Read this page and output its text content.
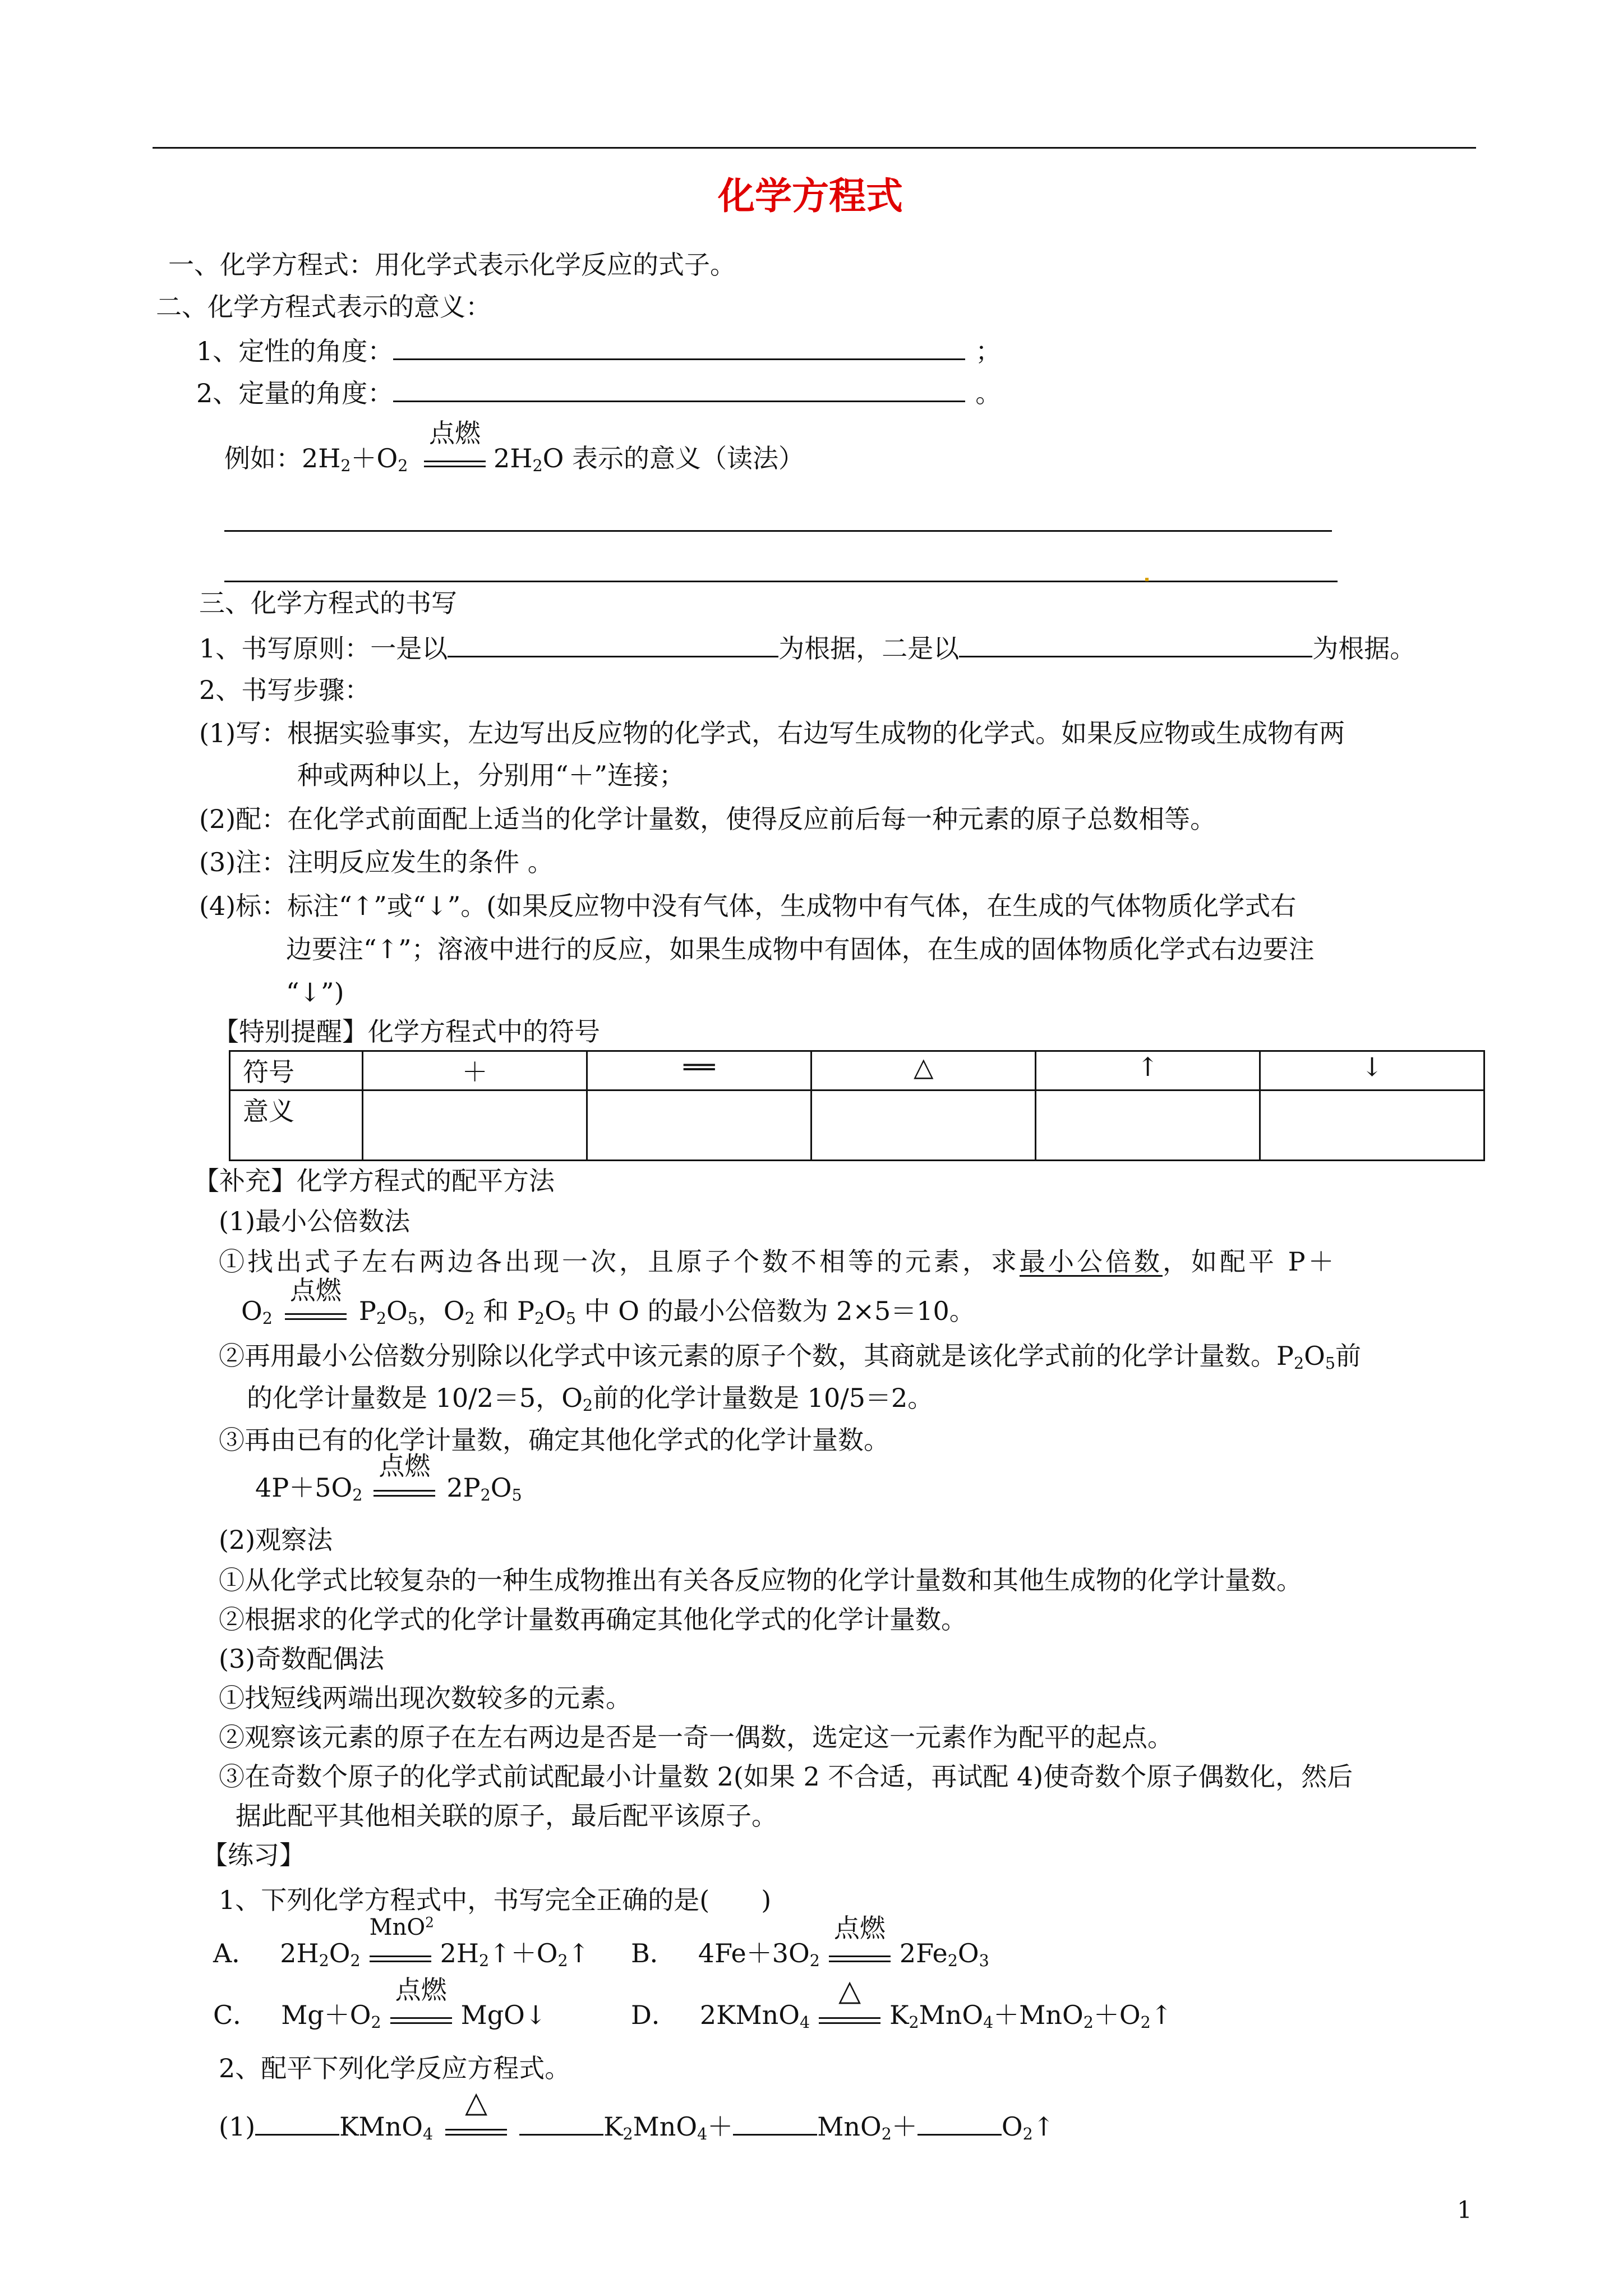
化学方程式
一、化学方程式：用化学式表示化学反应的式子。
二、化学方程式表示的意义：
1、定性的角度：	；
2、定量的角度：	。
例如：$2H_2+O_2$
点燃
$2H_2O$ 表示的意义（读法）
三、化学方程式的书写
1、书写原则：一是以	为根据，二是以	为根据。
2、书写步骤：
(1)写：根据实验事实，左边写出反应物的化学式，右边写生成物的化学式。如果反应物或生成物有两
种或两种以上，分别用“＋”连接；
(2)配：在化学式前面配上适当的化学计量数，使得反应前后每一种元素的原子总数相等。
(3)注：注明反应发生的条件 。
(4)标：标注“↑”或“↓”。(如果反应物中没有气体，生成物中有气体，在生成的气体物质化学式右
边要注“↑”；溶液中进行的反应，如果生成物中有固体，在生成的固体物质化学式右边要注
“↓”)
【特别提醒】化学方程式中的符号
符号	＋	══	△	↑	↓
意义					
【补充】化学方程式的配平方法
(1)最小公倍数法
①找出式子左右两边各出现一次，且原子个数不相等的元素，求最小公倍数，如配平 P＋
$O_2$
点燃
$P_2O_5$，$O_2$ 和 $P_2O_5$ 中 O 的最小公倍数为 2×5＝10。
②再用最小公倍数分别除以化学式中该元素的原子个数，其商就是该化学式前的化学计量数。$P_2O_5$前
的化学计量数是 10/2＝5，$O_2$前的化学计量数是 10/5＝2。
③再由已有的化学计量数，确定其他化学式的化学计量数。
$4P+5O_2$
点燃
$2P_2O_5$
(2)观察法
①从化学式比较复杂的一种生成物推出有关各反应物的化学计量数和其他生成物的化学计量数。
②根据求的化学式的化学计量数再确定其他化学式的化学计量数。
(3)奇数配偶法
①找短线两端出现次数较多的元素。
②观察该元素的原子在左右两边是否是一奇一偶数，选定这一元素作为配平的起点。
③在奇数个原子的化学式前试配最小计量数 2(如果 2 不合适，再试配 4)使奇数个原子偶数化，然后
据此配平其他相关联的原子，最后配平该原子。
【练习】
1、下列化学方程式中，书写完全正确的是(　　)
A． $2H_2O_2$
MnO$^2$
$2H_2↑+O_2↑$ B． $4Fe+3O_2$
点燃
$2Fe_2O_3$
C． $Mg+O_2$
点燃
MgO↓	D． 2KMnO$_4$
△
$K_2MnO_4+MnO_2+O_2↑$
2、配平下列化学反应方程式。
(1)	KMnO$_4$
△
$K_2MnO_4+$	MnO$_2$＋	$O_2↑$
1
